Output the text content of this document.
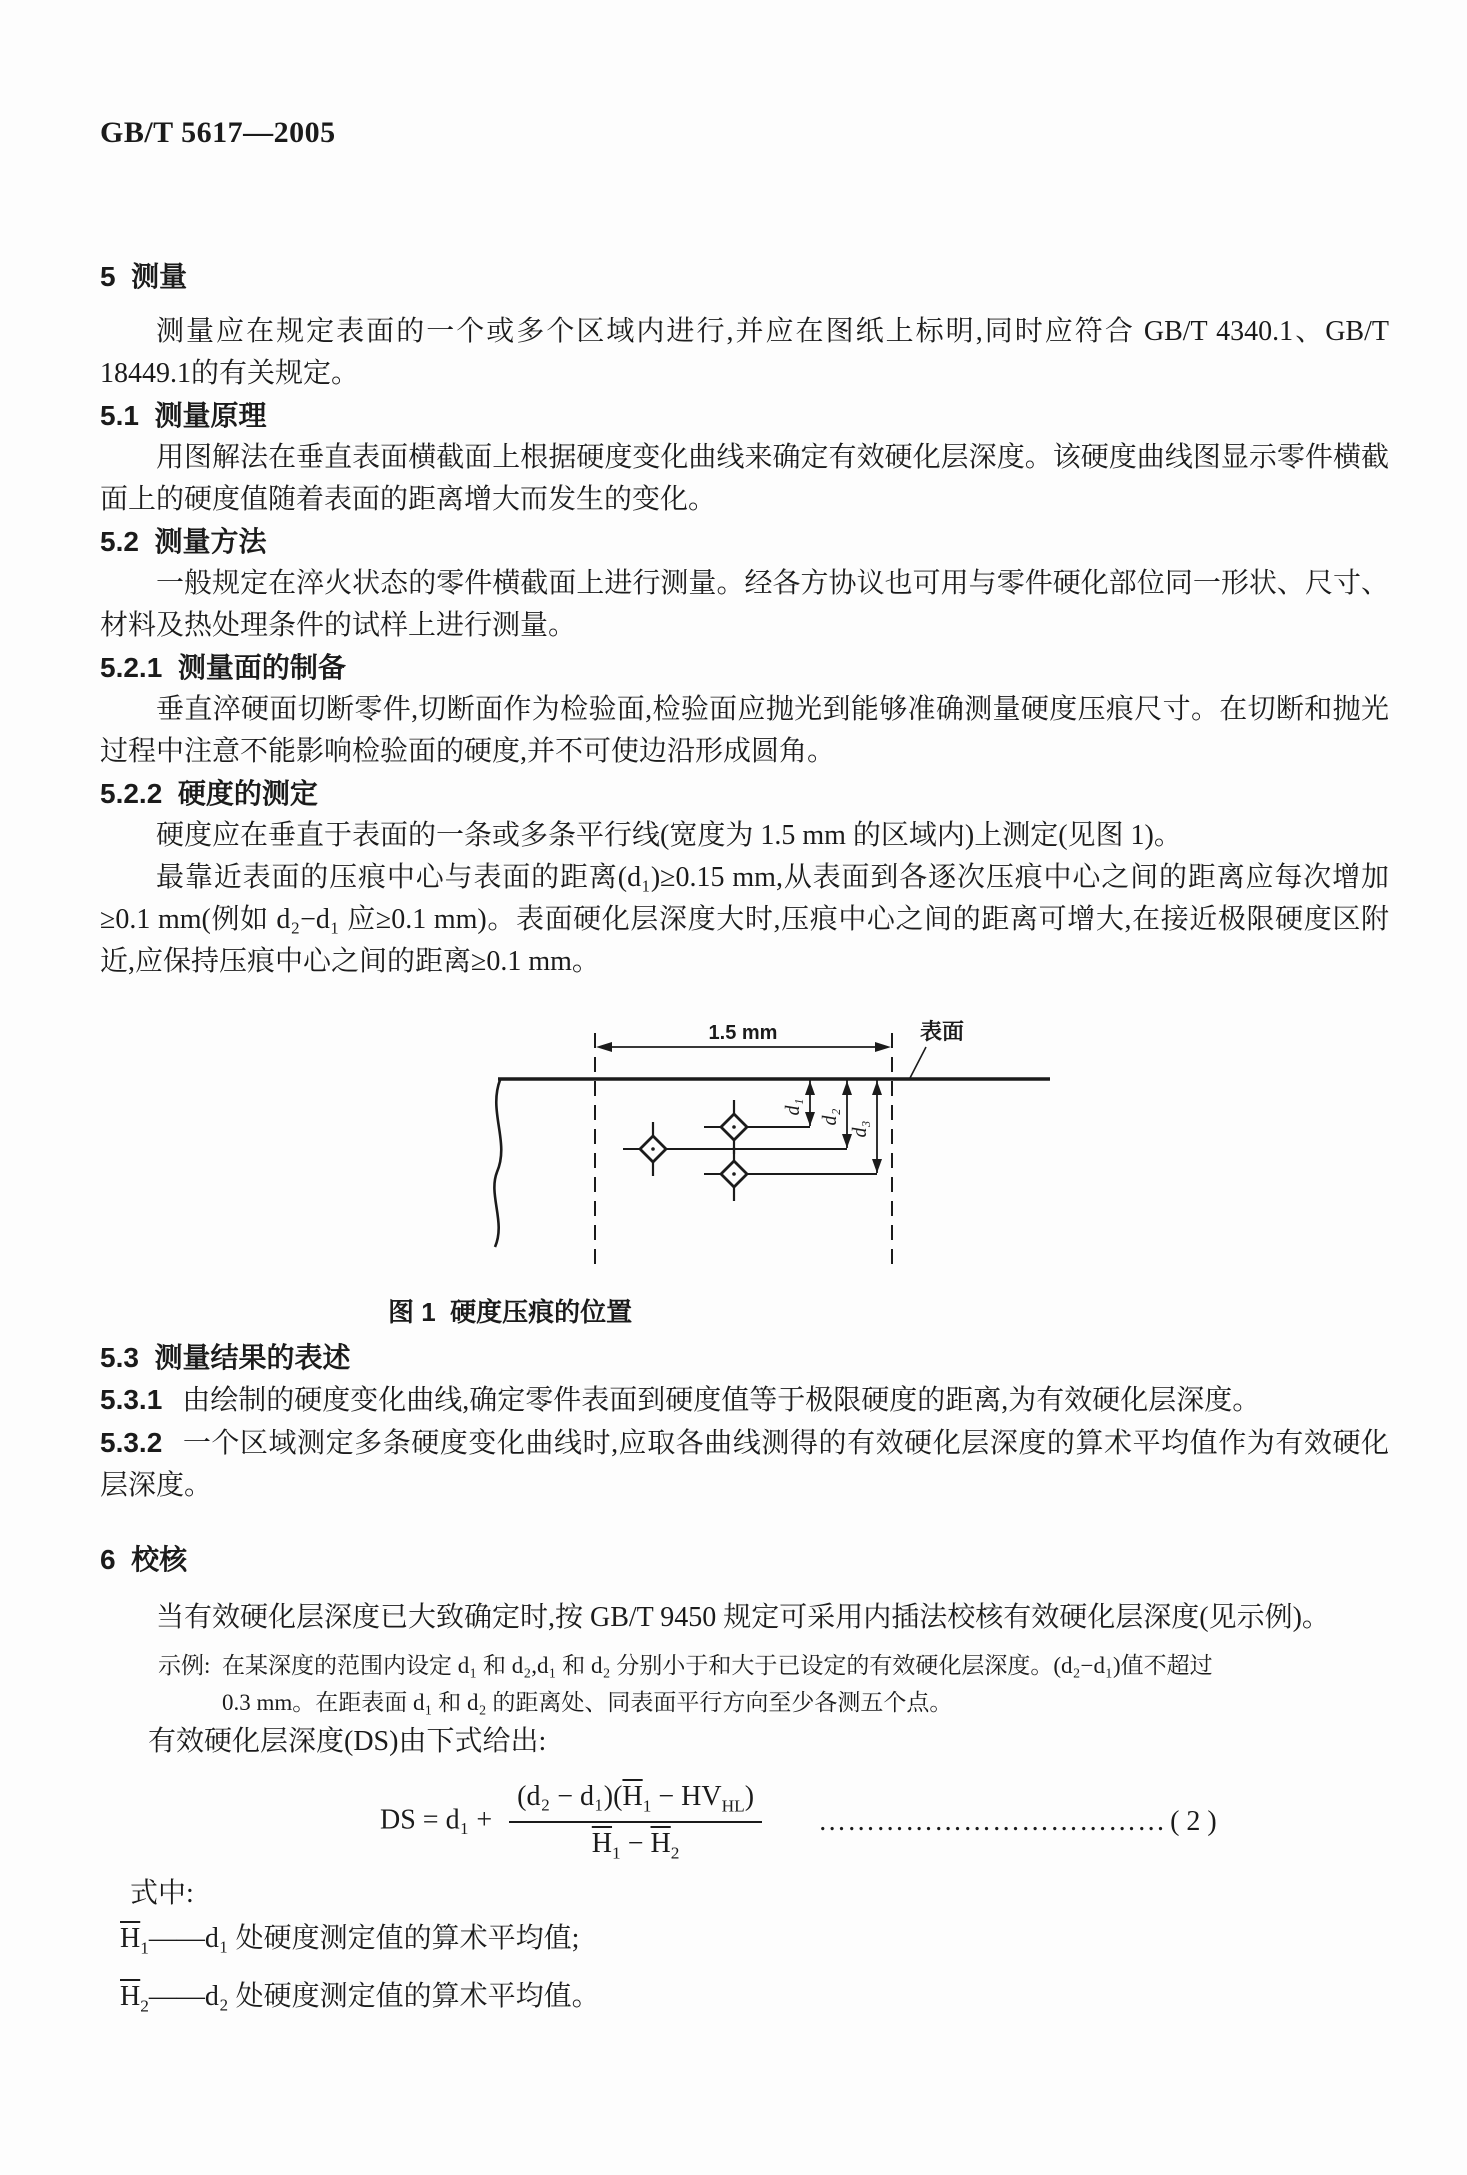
GB/T 5617—2005
5  测量

测量应在规定表面的一个或多个区域内进行,并应在图纸上标明,同时应符合 GB/T 4340.1、GB/T 18449.1的有关规定。

5.1  测量原理

用图解法在垂直表面横截面上根据硬度变化曲线来确定有效硬化层深度。该硬度曲线图显示零件横截面上的硬度值随着表面的距离增大而发生的变化。

5.2  测量方法

一般规定在淬火状态的零件横截面上进行测量。经各方协议也可用与零件硬化部位同一形状、尺寸、材料及热处理条件的试样上进行测量。

5.2.1  测量面的制备

垂直淬硬面切断零件,切断面作为检验面,检验面应抛光到能够准确测量硬度压痕尺寸。在切断和抛光过程中注意不能影响检验面的硬度,并不可使边沿形成圆角。

5.2.2  硬度的测定

硬度应在垂直于表面的一条或多条平行线(宽度为 1.5 mm 的区域内)上测定(见图 1)。

最靠近表面的压痕中心与表面的距离(d₁)≥0.15 mm,从表面到各逐次压痕中心之间的距离应每次增加≥0.1 mm(例如 d₂−d₁ 应≥0.1 mm)。表面硬化层深度大时,压痕中心之间的距离可增大,在接近极限硬度区附近,应保持压痕中心之间的距离≥0.1 mm。

1.5 mm	表面
d₁
d₂
d₃
图 1  硬度压痕的位置
5.3  测量结果的表述

5.3.1 由绘制的硬度变化曲线,确定零件表面到硬度值等于极限硬度的距离,为有效硬化层深度。

5.3.2 一个区域测定多条硬度变化曲线时,应取各曲线测得的有效硬化层深度的算术平均值作为有效硬化层深度。

6  校核

当有效硬化层深度已大致确定时,按 GB/T 9450 规定可采用内插法校核有效硬化层深度(见示例)。

示例: 在某深度的范围内设定 d₁ 和 d₂,d₁ 和 d₂ 分别小于和大于已设定的有效硬化层深度。(d₂−d₁)值不超过
0.3 mm。在距表面 d₁ 和 d₂ 的距离处、同表面平行方向至少各测五个点。

有效硬化层深度(DS)由下式给出:

DS = $d_1 + \frac{(d_2 - d_1)(\overline{H}_1 - HV_{HL})}{\overline{H}_1 - \overline{H}_2}$ ……………………………… ( 2 )

式中:

$\overline{H}_1——d_1$ 处硬度测定值的算术平均值;

$\overline{H}_2——d_2$ 处硬度测定值的算术平均值。
